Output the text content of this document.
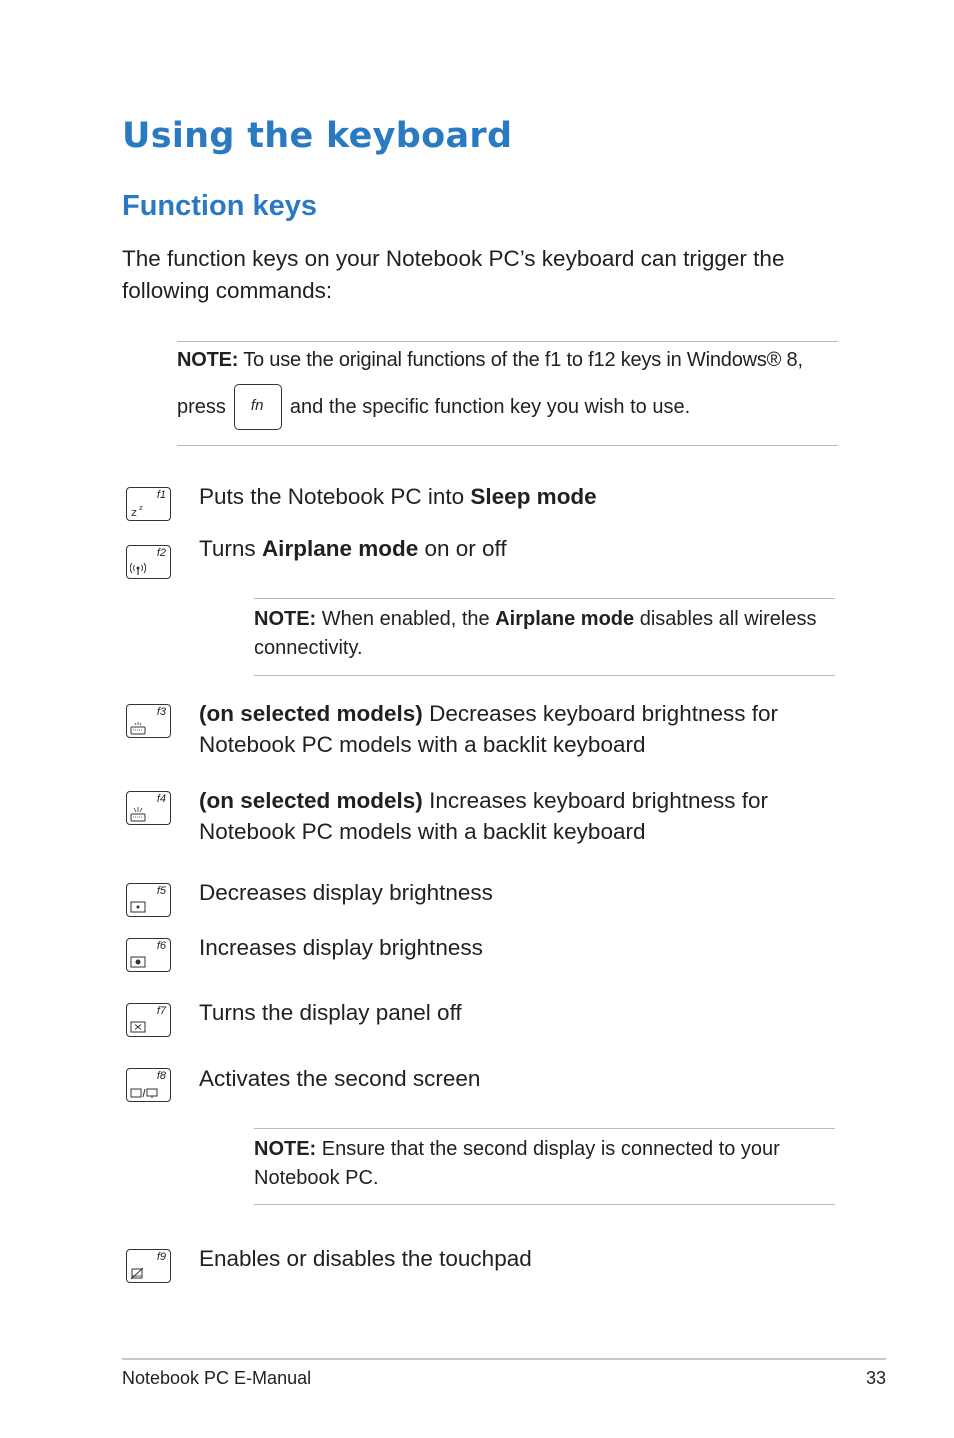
Using the keyboard
Function keys

The function keys on your Notebook PC’s keyboard can trigger the following commands:

NOTE: To use the original functions of the f1 to f12 keys in Windows® 8,
press fn and the specific function key you wish to use.
f1
z z	Puts the Notebook PC into Sleep mode

f2 Turns Airplane mode on or off

NOTE: When enabled, the Airplane mode disables all wireless connectivity.

f3 (on selected models) Decreases keyboard brightness for Notebook PC models with a backlit keyboard

f4 (on selected models) Increases keyboard brightness for Notebook PC models with a backlit keyboard

f5 Decreases display brightness

f6 Increases display brightness

f7 Turns the display panel off

f8 Activates the second screen

NOTE: Ensure that the second display is connected to your Notebook PC.

f9 Enables or disables the touchpad

Notebook PC E-Manual	33
